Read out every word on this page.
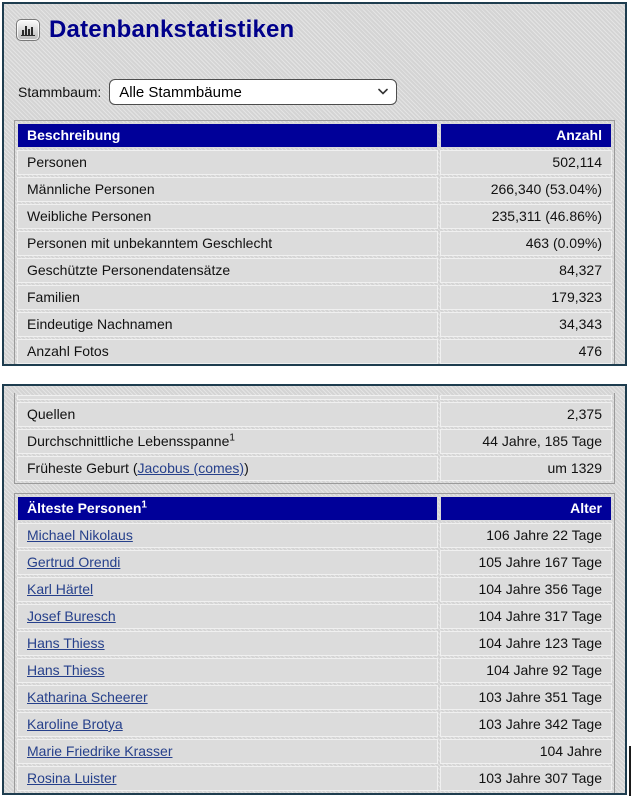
Datenbankstatistiken
Stammbaum:
Alle Stammbäume
Beschreibung	Anzahl
Personen	502,114
Männliche Personen	266,340 (53.04%)
Weibliche Personen	235,311 (46.86%)
Personen mit unbekanntem Geschlecht	463 (0.09%)
Geschützte Personendatensätze	84,327
Familien	179,323
Eindeutige Nachnamen	34,343
Anzahl Fotos	476

Quellen	2,375
Durchschnittliche Lebensspanne$^1$	44 Jahre, 185 Tage
Früheste Geburt (Jacobus (comes))	um 1329
Älteste Personen$^1$	Alter
Michael Nikolaus	106 Jahre 22 Tage
Gertrud Orendi	105 Jahre 167 Tage
Karl Härtel	104 Jahre 356 Tage
Josef Buresch	104 Jahre 317 Tage
Hans Thiess	104 Jahre 123 Tage
Hans Thiess	104 Jahre 92 Tage
Katharina Scheerer	103 Jahre 351 Tage
Karoline Brotya	103 Jahre 342 Tage
Marie Friedrike Krasser	104 Jahre
Rosina Luister	103 Jahre 307 Tage
